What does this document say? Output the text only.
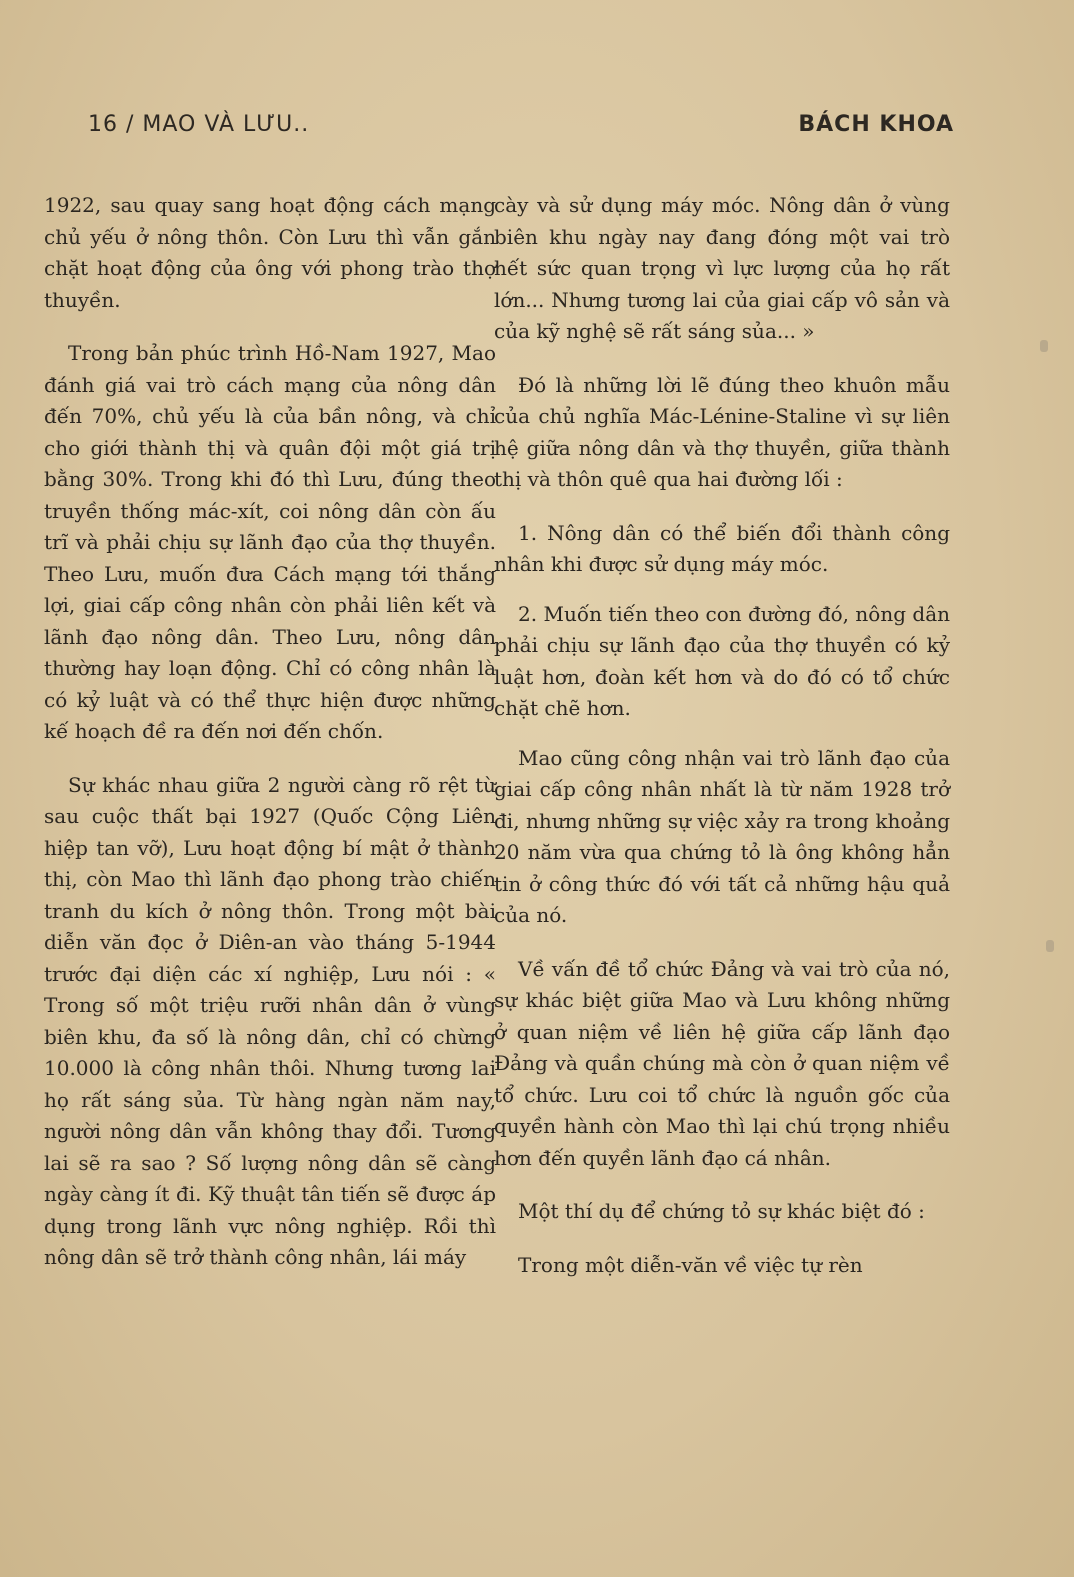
16 / MAO VÀ LƯU..	BÁCH KHOA

1922, sau quay sang hoạt động cách mạng chủ yếu ở nông thôn. Còn Lưu thì vẫn gắn chặt hoạt động của ông với phong trào thợ thuyền.

Trong bản phúc trình Hồ-Nam 1927, Mao đánh giá vai trò cách mạng của nông dân đến 70%, chủ yếu là của bần nông, và chỉ cho giới thành thị và quân đội một giá trị bằng 30%. Trong khi đó thì Lưu, đúng theo truyền thống mác-xít, coi nông dân còn ấu trĩ và phải chịu sự lãnh đạo của thợ thuyền. Theo Lưu, muốn đưa Cách mạng tới thắng lợi, giai cấp công nhân còn phải liên kết và lãnh đạo nông dân. Theo Lưu, nông dân thường hay loạn động. Chỉ có công nhân là có kỷ luật và có thể thực hiện được những kế hoạch đề ra đến nơi đến chốn.

Sự khác nhau giữa 2 người càng rõ rệt từ sau cuộc thất bại 1927 (Quốc Cộng Liên hiệp tan vỡ), Lưu hoạt động bí mật ở thành thị, còn Mao thì lãnh đạo phong trào chiến tranh du kích ở nông thôn. Trong một bài diễn văn đọc ở Diên-an vào tháng 5-1944 trước đại diện các xí nghiệp, Lưu nói : « Trong số một triệu rưỡi nhân dân ở vùng biên khu, đa số là nông dân, chỉ có chừng 10.000 là công nhân thôi. Nhưng tương lai họ rất sáng sủa. Từ hàng ngàn năm nay, người nông dân vẫn không thay đổi. Tương lai sẽ ra sao ? Số lượng nông dân sẽ càng ngày càng ít đi. Kỹ thuật tân tiến sẽ được áp dụng trong lãnh vực nông nghiệp. Rồi thì nông dân sẽ trở thành công nhân, lái máy

cày và sử dụng máy móc. Nông dân ở vùng biên khu ngày nay đang đóng một vai trò hết sức quan trọng vì lực lượng của họ rất lớn... Nhưng tương lai của giai cấp vô sản và của kỹ nghệ sẽ rất sáng sủa... »

Đó là những lời lẽ đúng theo khuôn mẫu của chủ nghĩa Mác-Lénine-Staline vì sự liên hệ giữa nông dân và thợ thuyền, giữa thành thị và thôn quê qua hai đường lối :

1. Nông dân có thể biến đổi thành công nhân khi được sử dụng máy móc.

2. Muốn tiến theo con đường đó, nông dân phải chịu sự lãnh đạo của thợ thuyền có kỷ luật hơn, đoàn kết hơn và do đó có tổ chức chặt chẽ hơn.

Mao cũng công nhận vai trò lãnh đạo của giai cấp công nhân nhất là từ năm 1928 trở đi, nhưng những sự việc xảy ra trong khoảng 20 năm vừa qua chứng tỏ là ông không hẳn tin ở công thức đó với tất cả những hậu quả của nó.

Về vấn đề tổ chức Đảng và vai trò của nó, sự khác biệt giữa Mao và Lưu không những ở quan niệm về liên hệ giữa cấp lãnh đạo Đảng và quần chúng mà còn ở quan niệm về tổ chức. Lưu coi tổ chức là nguồn gốc của quyền hành còn Mao thì lại chú trọng nhiều hơn đến quyền lãnh đạo cá nhân.

Một thí dụ để chứng tỏ sự khác biệt đó :

Trong một diễn-văn về việc tự rèn
